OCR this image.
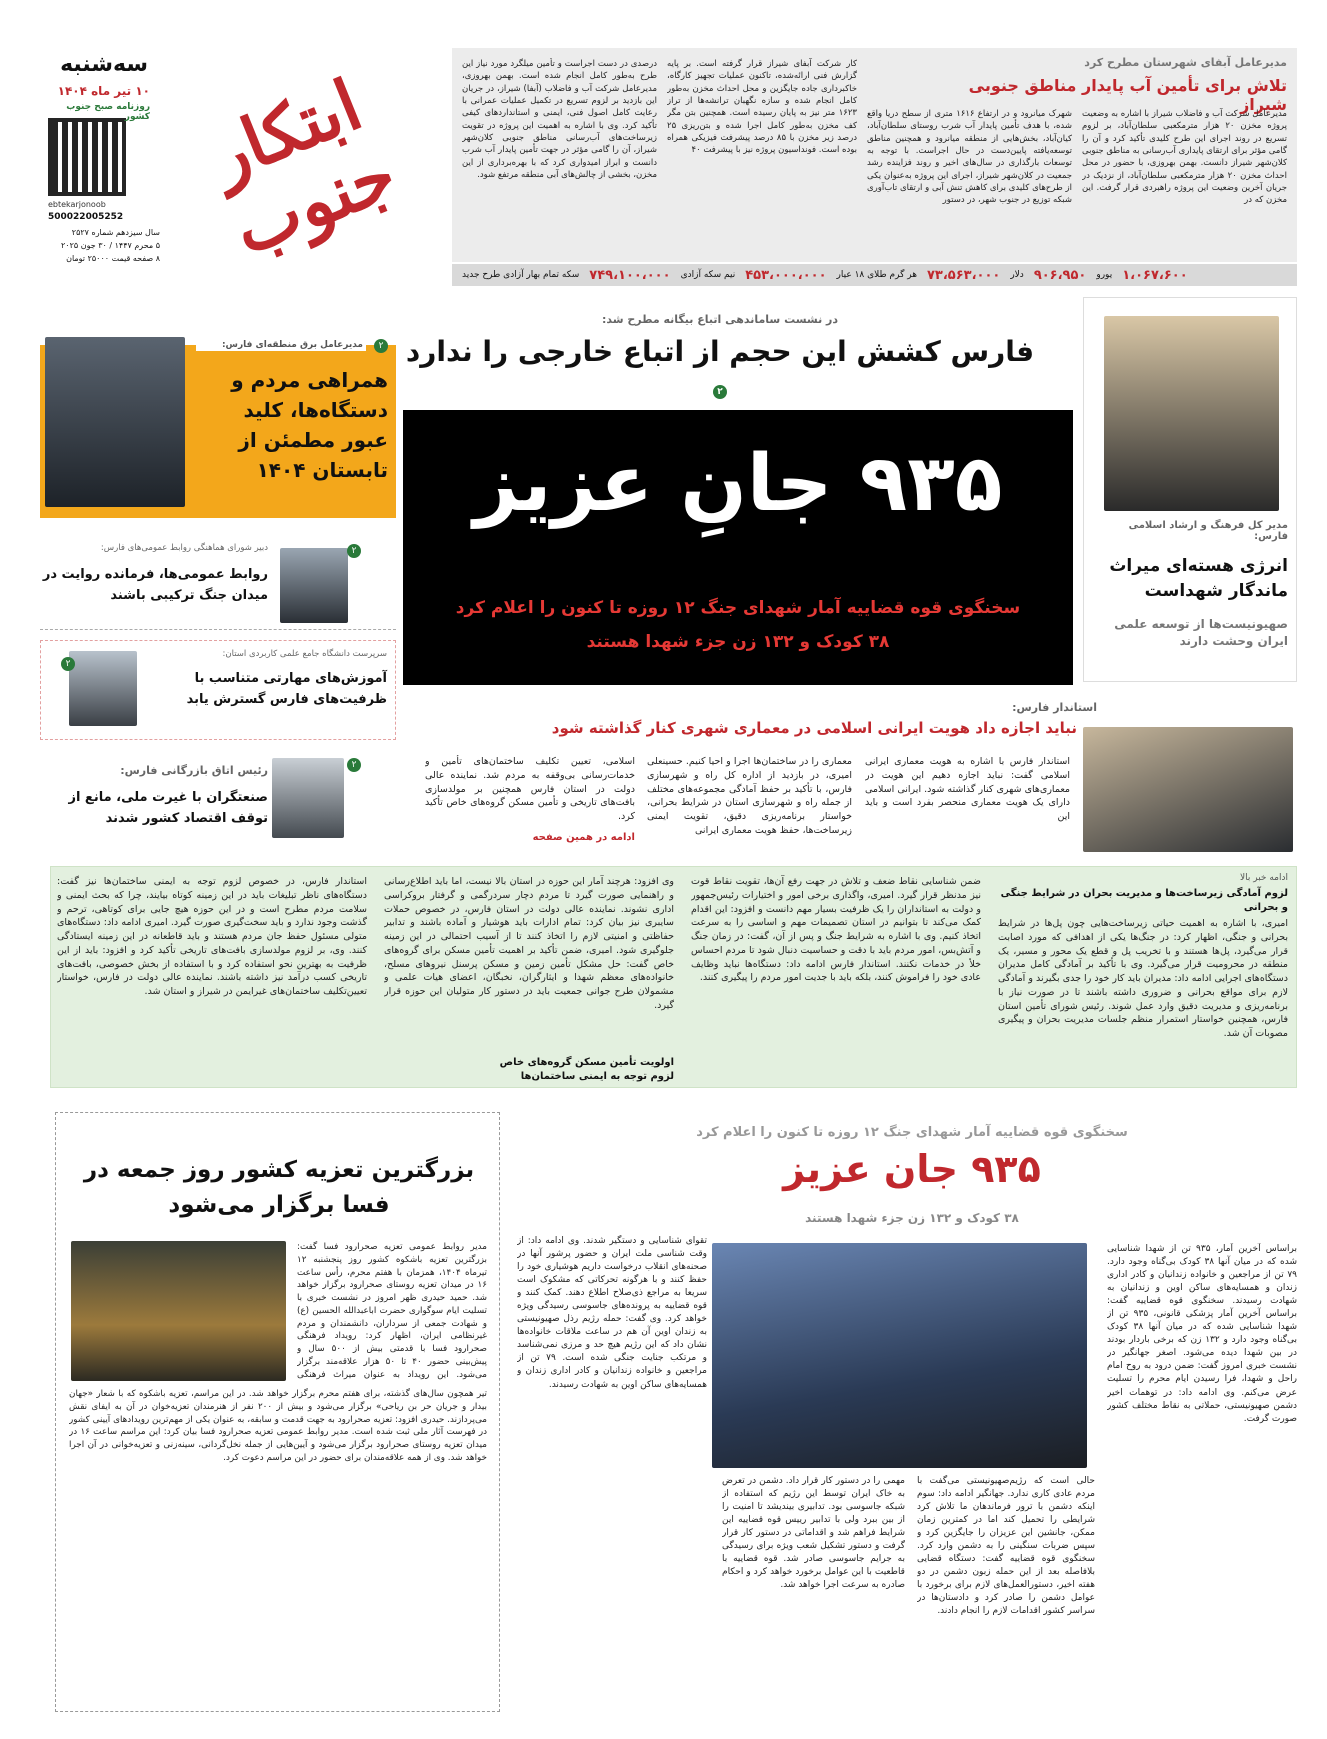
سه‌شنبه
۱۰ تیر ماه ۱۴۰۴
روزنامه صبح جنوب کشور
ebtekarjonoob
500022005252
سال سیزدهم شماره ۲۵۲۷
۵ محرم ۱۴۴۷ / ۳۰ جون ۲۰۲۵
۸ صفحه قیمت ۲۵۰۰۰ تومان
ابتکار جنوب
مدیرعامل آبفای شهرستان مطرح کرد
تلاش برای تأمین آب پایدار مناطق جنوبی شیراز
مدیرعامل شرکت آب و فاضلاب شیراز با اشاره به وضعیت پروژه مخزن ۲۰ هزار مترمکعبی سلطان‌آباد، بر لزوم تسریع در روند اجرای این طرح کلیدی تأکید کرد و آن را گامی مؤثر برای ارتقای پایداری آب‌رسانی به مناطق جنوبی کلان‌شهر شیراز دانست. بهمن بهروزی، با حضور در محل احداث مخزن ۲۰ هزار مترمکعبی سلطان‌آباد، از نزدیک در جریان آخرین وضعیت این پروژه راهبردی قرار گرفت. این مخزن که در
شهرک میانرود و در ارتفاع ۱۶۱۶ متری از سطح دریا واقع شده، با هدف تأمین پایدار آب شرب روستای سلطان‌آباد، کیان‌آباد، بخش‌هایی از منطقه میانرود و همچنین مناطق توسعه‌یافته پایین‌دست در حال اجراست. با توجه به توسعات بارگذاری در سال‌های اخیر و روند فزاینده رشد جمعیت در کلان‌شهر شیراز، اجرای این پروژه به‌عنوان یکی از طرح‌های کلیدی برای کاهش تنش آبی و ارتقای تاب‌آوری شبکه توزیع در جنوب شهر، در دستور
کار شرکت آبفای شیراز قرار گرفته است. بر پایه گزارش فنی ارائه‌شده، تاکنون عملیات تجهیز کارگاه، خاکبرداری جاده جایگزین و محل احداث مخزن به‌طور کامل انجام شده و سازه نگهبان ترانشه‌ها از تراز ۱۶۲۳ متر نیز به پایان رسیده است. همچنین بتن مگر کف مخزن به‌طور کامل اجرا شده و بتن‌ریزی ۲۵ درصد زیر مخزن با ۸۵ درصد پیشرفت فیزیکی همراه بوده است. فونداسیون پروژه نیز با پیشرفت ۴۰
درصدی در دست اجراست و تأمین میلگرد مورد نیاز این طرح به‌طور کامل انجام شده است. بهمن بهروزی، مدیرعامل شرکت آب و فاضلاب (آبفا) شیراز، در جریان این بازدید بر لزوم تسریع در تکمیل عملیات عمرانی با رعایت کامل اصول فنی، ایمنی و استانداردهای کیفی تأکید کرد. وی با اشاره به اهمیت این پروژه در تقویت زیرساخت‌های آب‌رسانی مناطق جنوبی کلان‌شهر شیراز، آن را گامی مؤثر در جهت تأمین پایدار آب شرب دانست و ابراز امیدواری کرد که با بهره‌برداری از این مخزن، بخشی از چالش‌های آبی منطقه مرتفع شود.
سکه تمام بهار آزادی طرح جدید ۷۴۹،۱۰۰،۰۰۰ نیم سکه آزادی ۴۵۳،۰۰۰،۰۰۰ هر گرم طلای ۱۸ عیار ۷۳،۵۶۳،۰۰۰ دلار ۹۰۶،۹۵۰ یورو ۱،۰۶۷،۶۰۰
در نشست ساماندهی اتباع بیگانه مطرح شد:
فارس کشش این حجم از اتباع خارجی را ندارد ۲
۹۳۵ جانِ عزیز
سخنگوی قوه قضاییه آمار شهدای جنگ ۱۲ روزه تا کنون را اعلام کرد
۳۸ کودک و ۱۳۲ زن جزء شهدا هستند
مدیر کل فرهنگ و ارشاد اسلامی فارس:
انرژی هسته‌ای میراث ماندگار شهداست
صهیونیست‌ها از توسعه علمی ایران وحشت دارند
مدیرعامل برق منطقه‌ای فارس:	۲
همراهی مردم و دستگاه‌ها، کلید عبور مطمئن از تابستان ۱۴۰۴
۲
دبیر شورای هماهنگی روابط عمومی‌های فارس:
روابط عمومی‌ها، فرمانده روایت در میدان جنگ ترکیبی باشند
۲
سرپرست دانشگاه جامع علمی کاربردی استان:
آموزش‌های مهارتی متناسب با ظرفیت‌های فارس گسترش یابد
۲
رئیس اتاق بازرگانی فارس:
صنعتگران با غیرت ملی، مانع از توقف اقتصاد کشور شدند
استاندار فارس:
نباید اجازه داد هویت ایرانی اسلامی در معماری شهری کنار گذاشته شود
استاندار فارس با اشاره به هویت معماری ایرانی اسلامی گفت: نباید اجازه دهیم این هویت در معماری‌های شهری کنار گذاشته شود. ایرانی اسلامی دارای یک هویت معماری منحصر بفرد است و باید این
معماری را در ساختمان‌ها اجرا و احیا کنیم. حسینعلی امیری، در بازدید از اداره کل راه و شهرسازی فارس، با تأکید بر حفظ آمادگی مجموعه‌های مختلف از جمله راه و شهرسازی استان در شرایط بحرانی، خواستار برنامه‌ریزی دقیق، تقویت ایمنی زیرساخت‌ها، حفظ هویت معماری ایرانی
اسلامی، تعیین تکلیف ساختمان‌های تأمین و خدمات‌رسانی بی‌وقفه به مردم شد. نماینده عالی دولت در استان فارس همچنین بر مولدسازی بافت‌های تاریخی و تأمین مسکن گروه‌های خاص تأکید کرد.
ادامه در همین صفحه
ادامه خبر بالا
لزوم آمادگی زیرساخت‌ها و مدیریت بحران در شرایط جنگی و بحرانی
امیری، با اشاره به اهمیت حیاتی زیرساخت‌هایی چون پل‌ها در شرایط بحرانی و جنگی، اظهار کرد: در جنگ‌ها یکی از اهدافی که مورد اصابت قرار می‌گیرد، پل‌ها هستند و با تخریب پل و قطع یک محور و مسیر، یک منطقه در محرومیت قرار می‌گیرد. وی با تأکید بر آمادگی کامل مدیران دستگاه‌های اجرایی ادامه داد: مدیران باید کار خود را جدی بگیرند و آمادگی لازم برای مواقع بحرانی و ضروری داشته باشند تا در صورت نیاز با برنامه‌ریزی و مدیریت دقیق وارد عمل شوند. رئیس شورای تأمین استان فارس، همچنین خواستار استمرار منظم جلسات مدیریت بحران و پیگیری مصوبات آن شد.
ضمن شناسایی نقاط ضعف و تلاش در جهت رفع آن‌ها، تقویت نقاط قوت نیز مدنظر قرار گیرد. امیری، واگذاری برخی امور و اختیارات رئیس‌جمهور و دولت به استانداران را یک ظرفیت بسیار مهم دانست و افزود: این اقدام کمک می‌کند تا بتوانیم در استان تصمیمات مهم و اساسی را به سرعت اتخاذ کنیم. وی با اشاره به شرایط جنگ و پس از آن، گفت: در زمان جنگ و آتش‌بس، امور مردم باید با دقت و حساسیت دنبال شود تا مردم احساس خلأ در خدمات نکنند. استاندار فارس ادامه داد: دستگاه‌ها نباید وظایف عادی خود را فراموش کنند، بلکه باید با جدیت امور مردم را پیگیری کنند.
وی افزود: هرچند آمار این حوزه در استان بالا نیست، اما باید اطلاع‌رسانی و راهنمایی صورت گیرد تا مردم دچار سردرگمی و گرفتار بروکراسی اداری نشوند. نماینده عالی دولت در استان فارس، در خصوص حملات سایبری نیز بیان کرد: تمام ادارات باید هوشیار و آماده باشند و تدابیر حفاظتی و امنیتی لازم را اتخاذ کنند تا از آسیب احتمالی در این زمینه جلوگیری شود. امیری، ضمن تأکید بر اهمیت تأمین مسکن برای گروه‌های خاص گفت: حل مشکل تأمین زمین و مسکن پرسنل نیروهای مسلح، خانواده‌های معظم شهدا و ایثارگران، نخبگان، اعضای هیات علمی و مشمولان طرح جوانی جمعیت باید در دستور کار متولیان این حوزه قرار گیرد.
اولویت تأمین مسکن گروه‌های خاص
لزوم توجه به ایمنی ساختمان‌ها
استاندار فارس، در خصوص لزوم توجه به ایمنی ساختمان‌ها نیز گفت: دستگاه‌های ناظر تبلیغات باید در این زمینه کوتاه بیایند، چرا که بحث ایمنی و سلامت مردم مطرح است و در این حوزه هیچ جایی برای کوتاهی، ترحم و گذشت وجود ندارد و باید سخت‌گیری صورت گیرد. امیری ادامه داد: دستگاه‌های متولی مسئول حفظ جان مردم هستند و باید قاطعانه در این زمینه ایستادگی کنند. وی، بر لزوم مولدسازی بافت‌های تاریخی تأکید کرد و افزود: باید از این ظرفیت به بهترین نحو استفاده کرد و با استفاده از بخش خصوصی، بافت‌های تاریخی کسب درآمد نیز داشته باشند. نماینده عالی دولت در فارس، خواستار تعیین‌تکلیف ساختمان‌های غیرایمن در شیراز و استان شد.
بزرگترین تعزیه کشور روز جمعه در فسا برگزار می‌شود
مدیر روابط عمومی تعزیه صحرارود فسا گفت: بزرگترین تعزیه باشکوه کشور روز پنجشنبه ۱۲ تیرماه ۱۴۰۴، همزمان با هفتم محرم، رأس ساعت ۱۶ در میدان تعزیه روستای صحرارود برگزار خواهد شد. حمید حیدری ظهر امروز در نشست خبری با تسلیت ایام سوگواری حضرت اباعبدالله الحسین (ع) و شهادت جمعی از سرداران، دانشمندان و مردم غیرنظامی ایران، اظهار کرد: رویداد فرهنگی صحرارود فسا با قدمتی بیش از ۵۰۰ سال و پیش‌بینی حضور ۴۰ تا ۵۰ هزار علاقه‌مند برگزار می‌شود. این رویداد به عنوان میراث فرهنگی
تیر همچون سال‌های گذشته، برای هفتم محرم برگزار خواهد شد. در این مراسم، تعزیه باشکوه که با شعار «جهان بیدار و جریان حر بن ریاحی» برگزار می‌شود و بیش از ۲۰۰ نفر از هنرمندان تعزیه‌خوان در آن به ایفای نقش می‌پردازند. حیدری افزود: تعزیه صحرارود به جهت قدمت و سابقه، به عنوان یکی از مهم‌ترین رویدادهای آیینی کشور در فهرست آثار ملی ثبت شده است. مدیر روابط عمومی تعزیه صحرارود فسا بیان کرد: این مراسم ساعت ۱۶ در میدان تعزیه روستای صحرارود برگزار می‌شود و آیین‌هایی از جمله نخل‌گردانی، سینه‌زنی و تعزیه‌خوانی در آن اجرا خواهد شد. وی از همه علاقه‌مندان برای حضور در این مراسم دعوت کرد.
سخنگوی قوه قضاییه آمار شهدای جنگ ۱۲ روزه تا کنون را اعلام کرد
۹۳۵ جان عزیز
۳۸ کودک و ۱۳۲ زن جزء شهدا هستند
براساس آخرین آمار، ۹۳۵ تن از شهدا شناسایی شده که در میان آنها ۳۸ کودک بی‌گناه وجود دارد. ۷۹ تن از مراجعین و خانواده زندانیان و کادر اداری زندان و همسایه‌های ساکن اوین و زندانیان به شهادت رسیدند. سخنگوی قوه قضاییه گفت: براساس آخرین آمار پزشکی قانونی، ۹۳۵ تن از شهدا شناسایی شده که در میان آنها ۳۸ کودک بی‌گناه وجود دارد و ۱۳۲ زن که برخی باردار بودند در بین شهدا دیده می‌شود. اصغر جهانگیر در نشست خبری امروز گفت: ضمن درود به روح امام راحل و شهدا، فرا رسیدن ایام محرم را تسلیت عرض می‌کنم. وی ادامه داد: در توهمات اخیر دشمن صهیونیستی، حملاتی به نقاط مختلف کشور صورت گرفت.
حالی است که رژیم‌صهیونیستی می‌گفت با مردم عادی کاری ندارد. جهانگیر ادامه داد: سوم اینکه دشمن با ترور فرماندهان ما تلاش کرد شرایطی را تحمیل کند اما در کمترین زمان ممکن، جانشین این عزیزان را جایگزین کرد و سپس ضربات سنگینی را به دشمن وارد کرد. سخنگوی قوه قضاییه گفت: دستگاه قضایی بلافاصله بعد از این حمله زبون دشمن در دو هفته اخیر، دستورالعمل‌های لازم برای برخورد با عوامل دشمن را صادر کرد و دادستان‌ها در سراسر کشور اقدامات لازم را انجام دادند.
مهمی را در دستور کار قرار داد. دشمن در تعرض به خاک ایران توسط این رژیم که استفاده از شبکه جاسوسی بود. تدابیری بیندیشد تا امنیت را از بین ببرد ولی با تدابیر رییس قوه قضاییه این شرایط فراهم شد و اقداماتی در دستور کار قرار گرفت و دستور تشکیل شعب ویژه برای رسیدگی به جرایم جاسوسی صادر شد. قوه قضاییه با قاطعیت با این عوامل برخورد خواهد کرد و احکام صادره به سرعت اجرا خواهد شد.
تقوای شناسایی و دستگیر شدند. وی ادامه داد: از وقت شناسی ملت ایران و حضور پرشور آنها در صحنه‌های انقلاب درخواست داریم هوشیاری خود را حفظ کنند و با هرگونه تحرکاتی که مشکوک است سریعا به مراجع ذی‌صلاح اطلاع دهند. کمک کنند و قوه قضاییه به پرونده‌های جاسوسی رسیدگی ویژه خواهد کرد. وی گفت: حمله رژیم رذل صهیونیستی به زندان اوین آن هم در ساعت ملاقات خانواده‌ها نشان داد که این رژیم هیچ حد و مرزی نمی‌شناسد و مرتکب جنایت جنگی شده است. ۷۹ تن از مراجعین و خانواده زندانیان و کادر اداری زندان و همسایه‌های ساکن اوین به شهادت رسیدند.
